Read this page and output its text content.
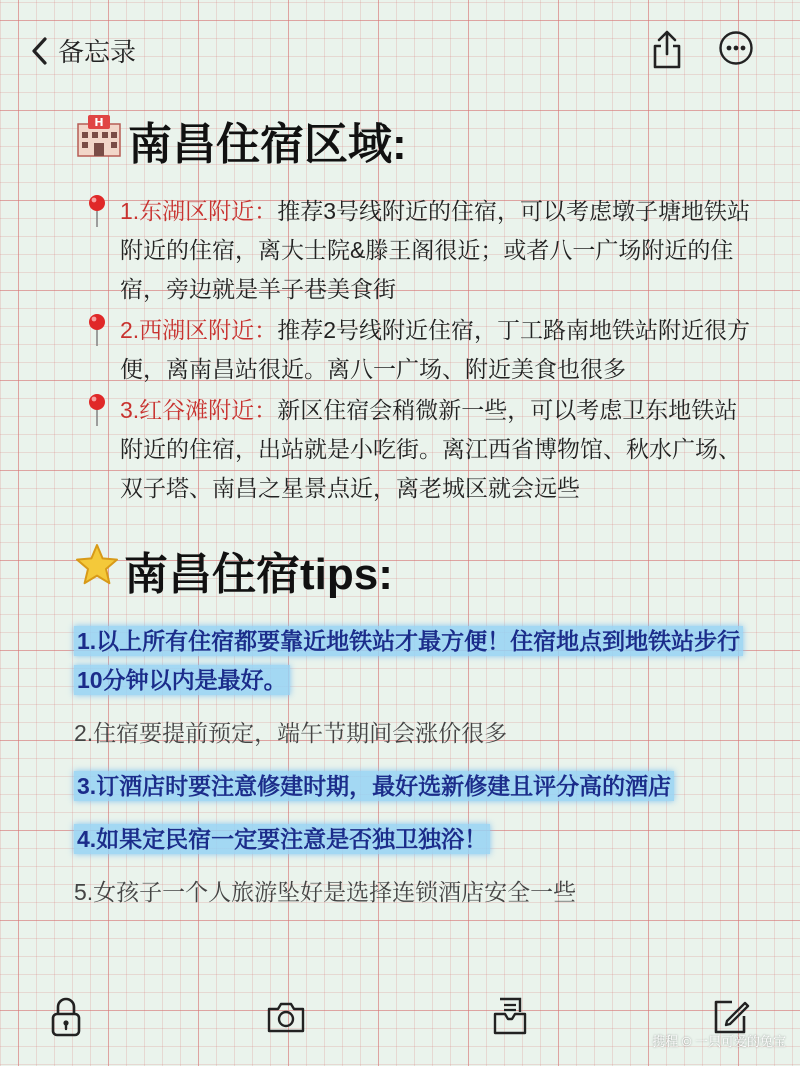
备忘录
H 南昌住宿区域:
1.东湖区附近：推荐3号线附近的住宿，可以考虑墩子塘地铁站附近的住宿，离大士院&滕王阁很近；或者八一广场附近的住宿，旁边就是羊子巷美食街
2.西湖区附近：推荐2号线附近住宿，丁工路南地铁站附近很方便，离南昌站很近。离八一广场、附近美食也很多
3.红谷滩附近：新区住宿会稍微新一些，可以考虑卫东地铁站附近的住宿，出站就是小吃街。离江西省博物馆、秋水广场、双子塔、南昌之星景点近，离老城区就会远些
南昌住宿tips:
1.以上所有住宿都要靠近地铁站才最方便！住宿地点到地铁站步行10分钟以内是最好。
2.住宿要提前预定，端午节期间会涨价很多
3.订酒店时要注意修建时期，最好选新修建且评分高的酒店
4.如果定民宿一定要注意是否独卫独浴！
5.女孩子一个人旅游坠好是选择连锁酒店安全一些
携程 © 一只可爱的兔宝
